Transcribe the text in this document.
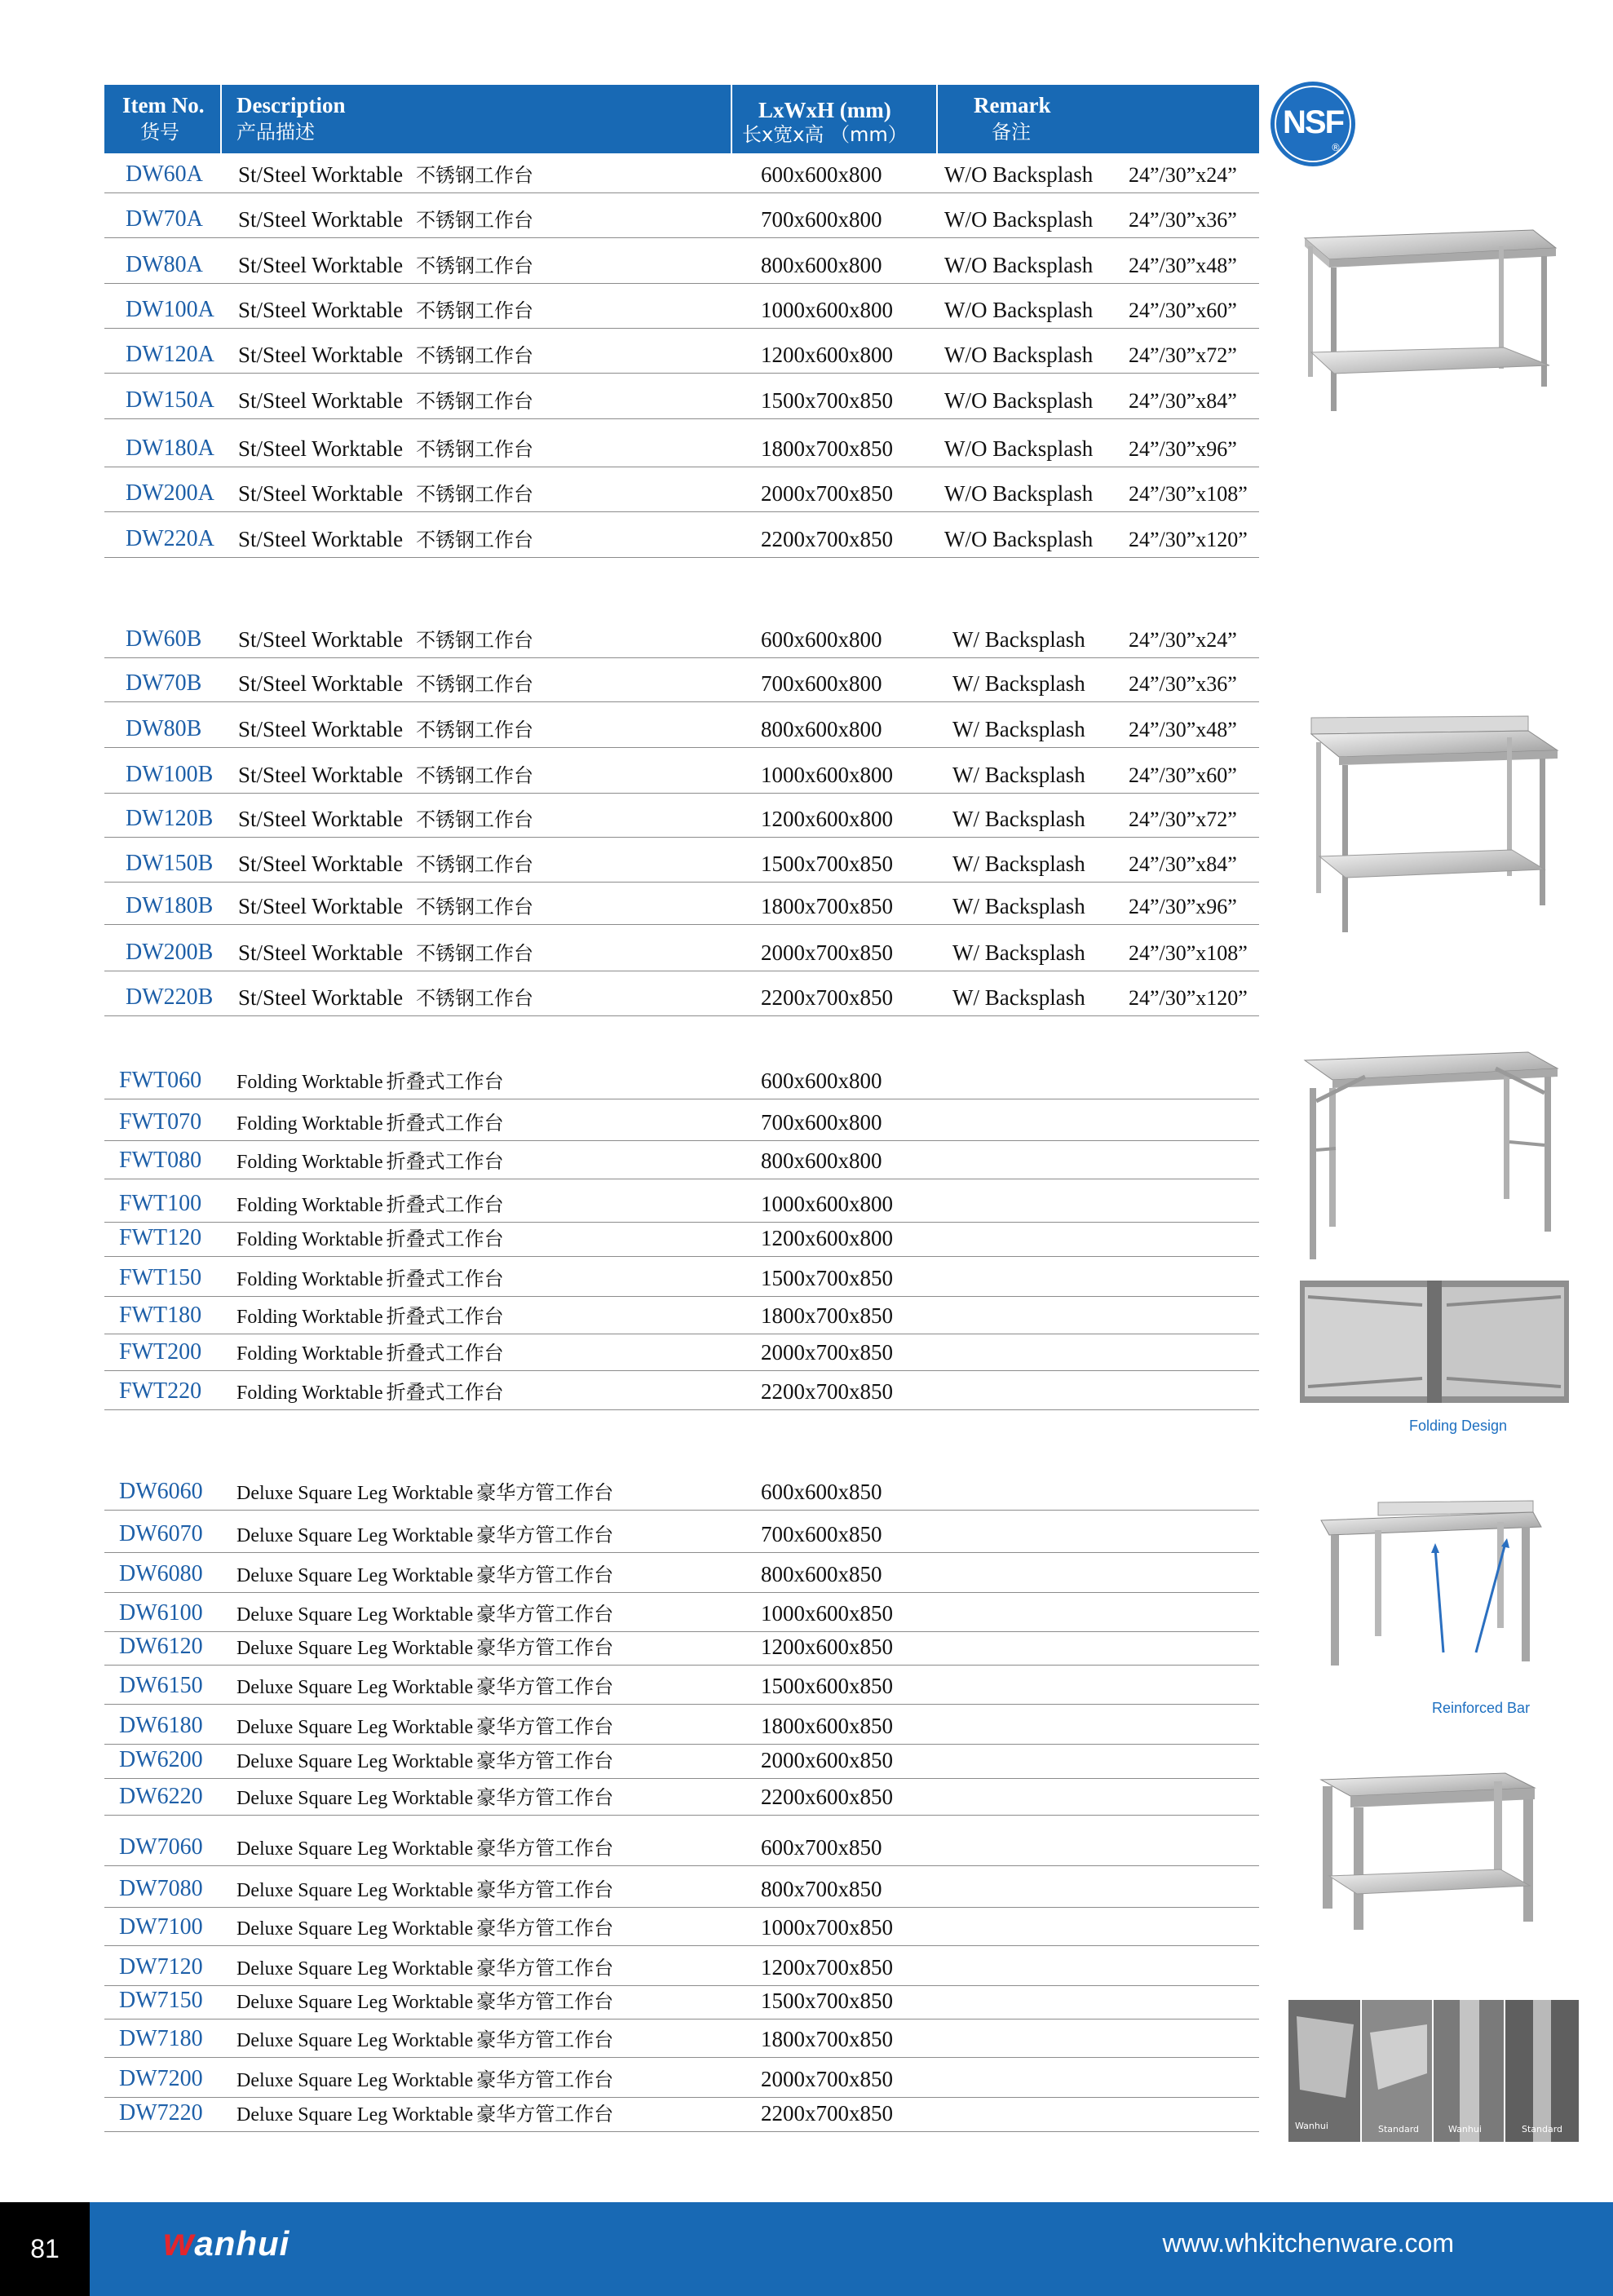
Item No.
货号
Description
产品描述
LxWxH (mm)
长x宽x高 （mm）
Remark
备注	NSF
®
DW60A St/Steel Worktable 不锈钢工作台	600x600x800	W/O Backsplash 24”/30”x24”
DW70A St/Steel Worktable 不锈钢工作台	700x600x800	W/O Backsplash 24”/30”x36”
DW80A St/Steel Worktable 不锈钢工作台	800x600x800	W/O Backsplash 24”/30”x48”
DW100A St/Steel Worktable 不锈钢工作台	1000x600x800 W/O Backsplash 24”/30”x60”
DW120A St/Steel Worktable 不锈钢工作台	1200x600x800 W/O Backsplash 24”/30”x72”
DW150A St/Steel Worktable 不锈钢工作台	1500x700x850 W/O Backsplash 24”/30”x84”
DW180A St/Steel Worktable 不锈钢工作台	1800x700x850 W/O Backsplash 24”/30”x96”
DW200A St/Steel Worktable 不锈钢工作台	2000x700x850 W/O Backsplash 24”/30”x108”
DW220A St/Steel Worktable 不锈钢工作台	2200x700x850 W/O Backsplash 24”/30”x120”
DW60B St/Steel Worktable 不锈钢工作台	600x600x800	W/ Backsplash 24”/30”x24”
DW70B St/Steel Worktable 不锈钢工作台	700x600x800	W/ Backsplash 24”/30”x36”
DW80B St/Steel Worktable 不锈钢工作台	800x600x800	W/ Backsplash 24”/30”x48”
DW100B St/Steel Worktable 不锈钢工作台	1000x600x800	W/ Backsplash 24”/30”x60”
DW120B St/Steel Worktable 不锈钢工作台	1200x600x800	W/ Backsplash 24”/30”x72”
DW150B St/Steel Worktable 不锈钢工作台	1500x700x850	W/ Backsplash 24”/30”x84”
DW180B St/Steel Worktable 不锈钢工作台	1800x700x850	W/ Backsplash 24”/30”x96”
DW200B St/Steel Worktable 不锈钢工作台	2000x700x850	W/ Backsplash 24”/30”x108”
DW220B St/Steel Worktable 不锈钢工作台	2200x700x850	W/ Backsplash 24”/30”x120”
FWT060 Folding Worktable 折叠式工作台	600x600x800
FWT070 Folding Worktable 折叠式工作台	700x600x800
FWT080 Folding Worktable 折叠式工作台	800x600x800
FWT100 Folding Worktable 折叠式工作台	1000x600x800
FWT120 Folding Worktable 折叠式工作台	1200x600x800
FWT150 Folding Worktable 折叠式工作台	1500x700x850
FWT180 Folding Worktable 折叠式工作台	1800x700x850
FWT200 Folding Worktable 折叠式工作台	2000x700x850
FWT220 Folding Worktable 折叠式工作台	2200x700x850
DW6060 Deluxe Square Leg Worktable 豪华方管工作台	600x600x850
DW6070 Deluxe Square Leg Worktable 豪华方管工作台	700x600x850
DW6080 Deluxe Square Leg Worktable 豪华方管工作台	800x600x850
DW6100 Deluxe Square Leg Worktable 豪华方管工作台	1000x600x850
DW6120 Deluxe Square Leg Worktable 豪华方管工作台	1200x600x850
DW6150 Deluxe Square Leg Worktable 豪华方管工作台	1500x600x850
DW6180 Deluxe Square Leg Worktable 豪华方管工作台	1800x600x850
DW6200 Deluxe Square Leg Worktable 豪华方管工作台	2000x600x850
DW6220 Deluxe Square Leg Worktable 豪华方管工作台	2200x600x850
DW7060 Deluxe Square Leg Worktable 豪华方管工作台	600x700x850
DW7080 Deluxe Square Leg Worktable 豪华方管工作台	800x700x850
DW7100 Deluxe Square Leg Worktable 豪华方管工作台	1000x700x850
DW7120 Deluxe Square Leg Worktable 豪华方管工作台	1200x700x850
DW7150 Deluxe Square Leg Worktable 豪华方管工作台	1500x700x850
DW7180 Deluxe Square Leg Worktable 豪华方管工作台	1800x700x850
DW7200 Deluxe Square Leg Worktable 豪华方管工作台	2000x700x850
DW7220 Deluxe Square Leg Worktable 豪华方管工作台	2200x700x850
Folding Design
Reinforced Bar
Wanhui	Standard	Wanhui	Standard
81	wanhui	www.whkitchenware.com
